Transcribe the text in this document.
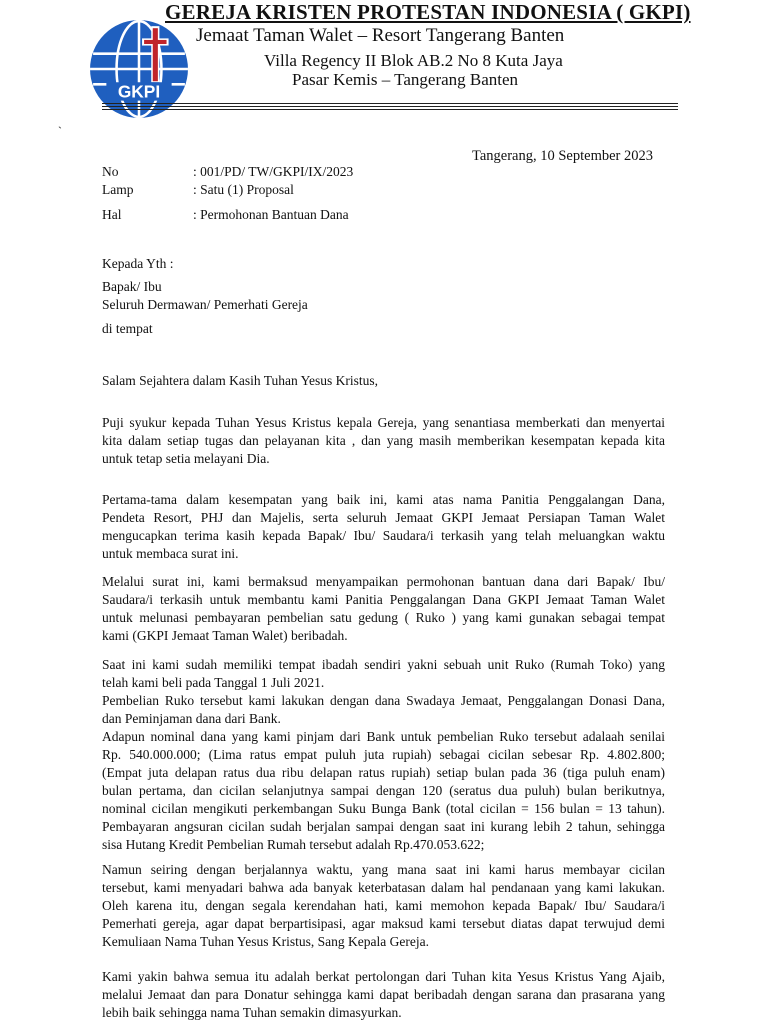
GKPI
GEREJA KRISTEN PROTESTAN INDONESIA ( GKPI)
Jemaat Taman Walet – Resort Tangerang Banten
Villa Regency II Blok AB.2 No 8 Kuta Jaya
Pasar Kemis – Tangerang Banten
`
Tangerang, 10 September 2023
No	: 001/PD/ TW/GKPI/IX/2023
Lamp	: Satu (1) Proposal
Hal	: Permohonan Bantuan Dana
Kepada Yth :
Bapak/ Ibu
Seluruh Dermawan/ Pemerhati Gereja
di tempat
Salam Sejahtera dalam Kasih Tuhan Yesus Kristus,
Puji syukur kepada Tuhan Yesus Kristus kepala Gereja, yang senantiasa memberkati dan menyertai
kita dalam setiap tugas dan pelayanan kita , dan yang masih memberikan kesempatan kepada kita
untuk tetap setia melayani Dia.
Pertama-tama dalam kesempatan yang baik ini, kami atas nama Panitia Penggalangan Dana,
Pendeta Resort, PHJ dan Majelis, serta seluruh Jemaat GKPI Jemaat Persiapan Taman Walet
mengucapkan terima kasih kepada Bapak/ Ibu/ Saudara/i terkasih yang telah meluangkan waktu
untuk membaca surat ini.
Melalui surat ini, kami bermaksud menyampaikan permohonan bantuan dana dari Bapak/ Ibu/
Saudara/i terkasih untuk membantu kami Panitia Penggalangan Dana GKPI Jemaat Taman Walet
untuk melunasi pembayaran pembelian satu gedung ( Ruko ) yang kami gunakan sebagai tempat
kami (GKPI Jemaat Taman Walet) beribadah.
Saat ini kami sudah memiliki tempat ibadah sendiri yakni sebuah unit Ruko (Rumah Toko) yang
telah kami beli pada Tanggal 1 Juli 2021.
Pembelian Ruko tersebut kami lakukan dengan dana Swadaya Jemaat, Penggalangan Donasi Dana,
dan Peminjaman dana dari Bank.
Adapun nominal dana yang kami pinjam dari Bank untuk pembelian Ruko tersebut adalaah senilai
Rp. 540.000.000; (Lima ratus empat puluh juta rupiah) sebagai cicilan sebesar Rp. 4.802.800;
(Empat juta delapan ratus dua ribu delapan ratus rupiah) setiap bulan pada 36 (tiga puluh enam)
bulan pertama, dan cicilan selanjutnya sampai dengan 120 (seratus dua puluh) bulan berikutnya,
nominal cicilan mengikuti perkembangan Suku Bunga Bank (total cicilan = 156 bulan = 13 tahun).
Pembayaran angsuran cicilan sudah berjalan sampai dengan saat ini kurang lebih 2 tahun, sehingga
sisa Hutang Kredit Pembelian Rumah tersebut adalah Rp.470.053.622;
Namun seiring dengan berjalannya waktu, yang mana saat ini kami harus membayar cicilan
tersebut, kami menyadari bahwa ada banyak keterbatasan dalam hal pendanaan yang kami lakukan.
Oleh karena itu, dengan segala kerendahan hati, kami memohon kepada Bapak/ Ibu/ Saudara/i
Pemerhati gereja, agar dapat berpartisipasi, agar maksud kami tersebut diatas dapat terwujud demi
Kemuliaan Nama Tuhan Yesus Kristus, Sang Kepala Gereja.
Kami yakin bahwa semua itu adalah berkat pertolongan dari Tuhan kita Yesus Kristus Yang Ajaib,
melalui Jemaat dan para Donatur sehingga kami dapat beribadah dengan sarana dan prasarana yang
lebih baik sehingga nama Tuhan semakin dimasyurkan.
